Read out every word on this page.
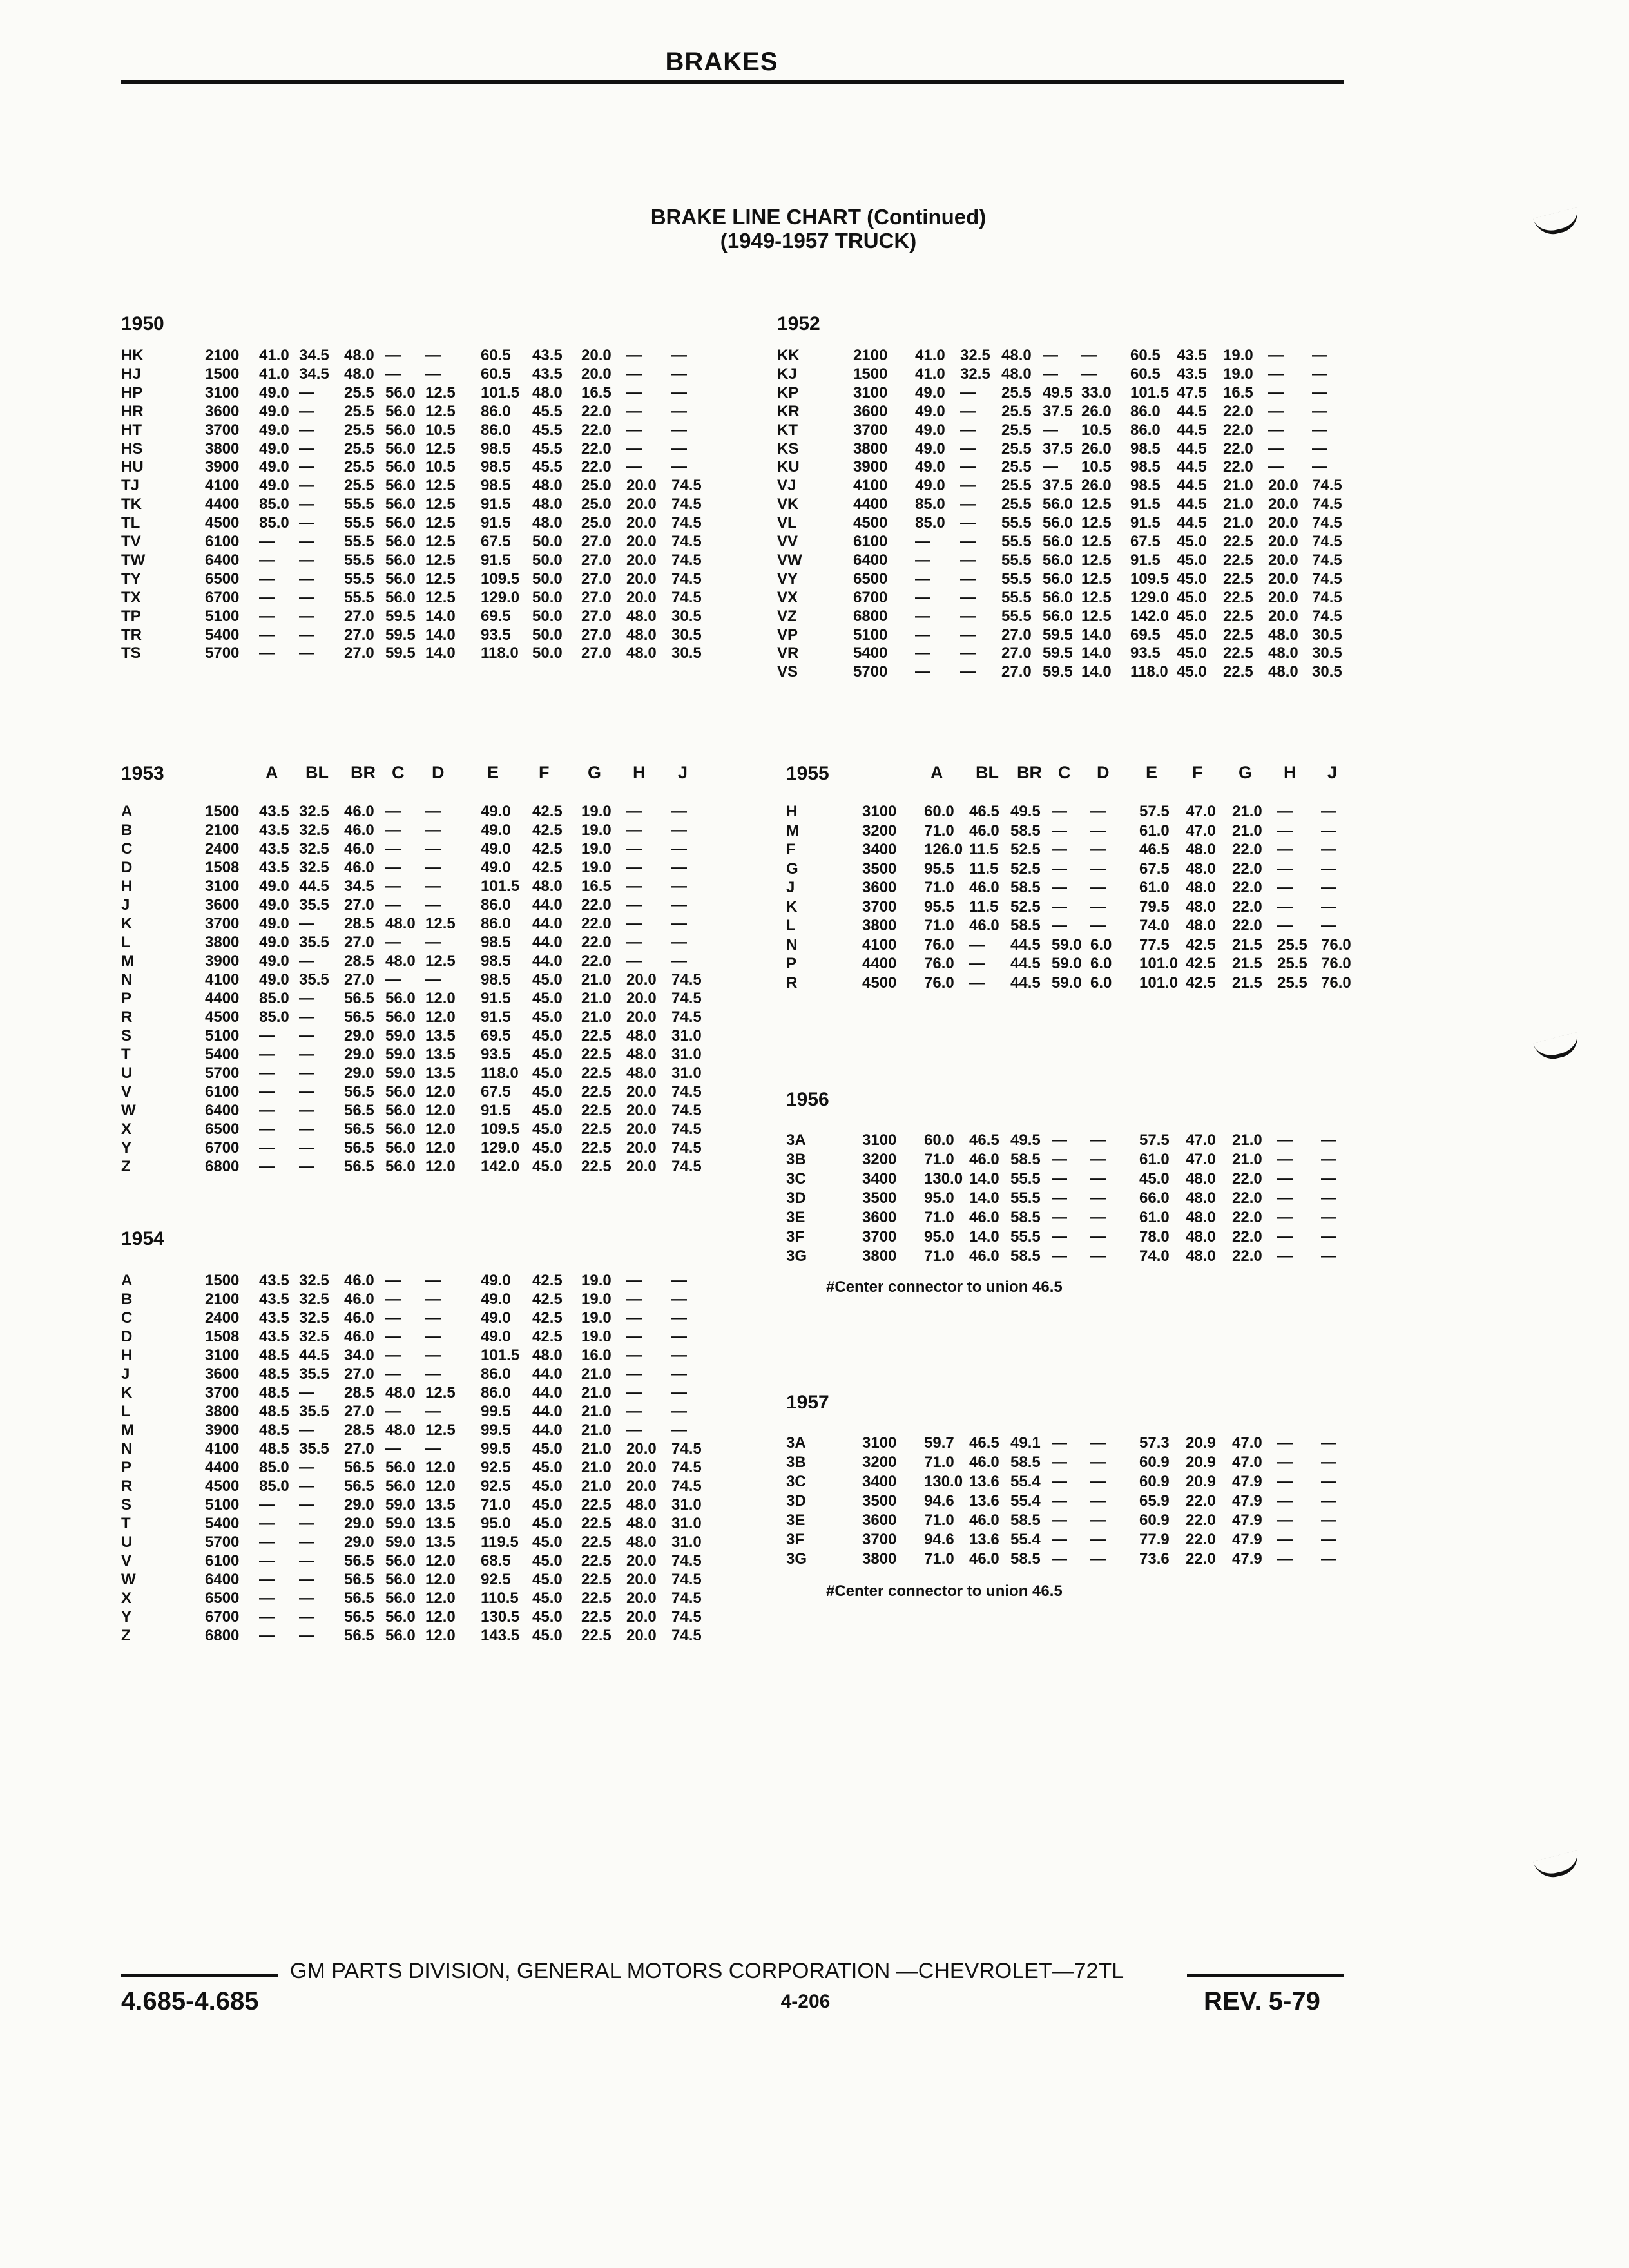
BRAKES
BRAKE LINE CHART (Continued)
(1949-1957 TRUCK)
1950
HK	2100 41.0 34.5 48.0 — —	60.5 43.5 20.0 — —
HJ	1500 41.0 34.5 48.0 — —	60.5 43.5 20.0 — —
HP	3100 49.0 — 25.5 56.0 12.5 101.5 48.0 16.5 — —
HR	3600 49.0 — 25.5 56.0 12.5 86.0 45.5 22.0 — —
HT	3700 49.0 — 25.5 56.0 10.5 86.0 45.5 22.0 — —
HS	3800 49.0 — 25.5 56.0 12.5 98.5 45.5 22.0 — —
HU	3900 49.0 — 25.5 56.0 10.5 98.5 45.5 22.0 — —
TJ	4100 49.0 — 25.5 56.0 12.5 98.5 48.0 25.0 20.0 74.5
TK	4400 85.0 — 55.5 56.0 12.5 91.5 48.0 25.0 20.0 74.5
TL	4500 85.0 — 55.5 56.0 12.5 91.5 48.0 25.0 20.0 74.5
TV	6100 — — 55.5 56.0 12.5 67.5 50.0 27.0 20.0 74.5
TW	6400 — — 55.5 56.0 12.5 91.5 50.0 27.0 20.0 74.5
TY	6500 — — 55.5 56.0 12.5 109.5 50.0 27.0 20.0 74.5
TX	6700 — — 55.5 56.0 12.5 129.0 50.0 27.0 20.0 74.5
TP	5100 — — 27.0 59.5 14.0 69.5 50.0 27.0 48.0 30.5
TR	5400 — — 27.0 59.5 14.0 93.5 50.0 27.0 48.0 30.5
TS	5700 — — 27.0 59.5 14.0 118.0 50.0 27.0 48.0 30.5
1952
KK	2100 41.0 32.5 48.0 — — 60.5 43.5 19.0 — —
KJ	1500 41.0 32.5 48.0 — — 60.5 43.5 19.0 — —
KP	3100 49.0 — 25.5 49.5 33.0 101.5 47.5 16.5 — —
KR	3600 49.0 — 25.5 37.5 26.0 86.0 44.5 22.0 — —
KT	3700 49.0 — 25.5 — 10.5 86.0 44.5 22.0 — —
KS	3800 49.0 — 25.5 37.5 26.0 98.5 44.5 22.0 — —
KU	3900 49.0 — 25.5 — 10.5 98.5 44.5 22.0 — —
VJ	4100 49.0 — 25.5 37.5 26.0 98.5 44.5 21.0 20.0 74.5
VK	4400 85.0 — 25.5 56.0 12.5 91.5 44.5 21.0 20.0 74.5
VL	4500 85.0 — 55.5 56.0 12.5 91.5 44.5 21.0 20.0 74.5
VV	6100 — — 55.5 56.0 12.5 67.5 45.0 22.5 20.0 74.5
VW	6400 — — 55.5 56.0 12.5 91.5 45.0 22.5 20.0 74.5
VY	6500 — — 55.5 56.0 12.5 109.5 45.0 22.5 20.0 74.5
VX	6700 — — 55.5 56.0 12.5 129.0 45.0 22.5 20.0 74.5
VZ	6800 — — 55.5 56.0 12.5 142.0 45.0 22.5 20.0 74.5
VP	5100 — — 27.0 59.5 14.0 69.5 45.0 22.5 48.0 30.5
VR	5400 — — 27.0 59.5 14.0 93.5 45.0 22.5 48.0 30.5
VS	5700 — — 27.0 59.5 14.0 118.0 45.0 22.5 48.0 30.5
1953	A BL BR C D E F G H J
A	1500 43.5 32.5 46.0 — —	49.0 42.5 19.0 — —
B	2100 43.5 32.5 46.0 — —	49.0 42.5 19.0 — —
C	2400 43.5 32.5 46.0 — —	49.0 42.5 19.0 — —
D	1508 43.5 32.5 46.0 — —	49.0 42.5 19.0 — —
H	3100 49.0 44.5 34.5 — —	101.5 48.0 16.5 — —
J	3600 49.0 35.5 27.0 — —	86.0 44.0 22.0 — —
K	3700 49.0 — 28.5 48.0 12.5 86.0 44.0 22.0 — —
L	3800 49.0 35.5 27.0 — —	98.5 44.0 22.0 — —
M	3900 49.0 — 28.5 48.0 12.5 98.5 44.0 22.0 — —
N	4100 49.0 35.5 27.0 — —	98.5 45.0 21.0 20.0 74.5
P	4400 85.0 — 56.5 56.0 12.0 91.5 45.0 21.0 20.0 74.5
R	4500 85.0 — 56.5 56.0 12.0 91.5 45.0 21.0 20.0 74.5
S	5100 — — 29.0 59.0 13.5 69.5 45.0 22.5 48.0 31.0
T	5400 — — 29.0 59.0 13.5 93.5 45.0 22.5 48.0 31.0
U	5700 — — 29.0 59.0 13.5 118.0 45.0 22.5 48.0 31.0
V	6100 — — 56.5 56.0 12.0 67.5 45.0 22.5 20.0 74.5
W	6400 — — 56.5 56.0 12.0 91.5 45.0 22.5 20.0 74.5
X	6500 — — 56.5 56.0 12.0 109.5 45.0 22.5 20.0 74.5
Y	6700 — — 56.5 56.0 12.0 129.0 45.0 22.5 20.0 74.5
Z	6800 — — 56.5 56.0 12.0 142.0 45.0 22.5 20.0 74.5
1954
A	1500 43.5 32.5 46.0 — —	49.0 42.5 19.0 — —
B	2100 43.5 32.5 46.0 — —	49.0 42.5 19.0 — —
C	2400 43.5 32.5 46.0 — —	49.0 42.5 19.0 — —
D	1508 43.5 32.5 46.0 — —	49.0 42.5 19.0 — —
H	3100 48.5 44.5 34.0 — —	101.5 48.0 16.0 — —
J	3600 48.5 35.5 27.0 — —	86.0 44.0 21.0 — —
K	3700 48.5 — 28.5 48.0 12.5 86.0 44.0 21.0 — —
L	3800 48.5 35.5 27.0 — —	99.5 44.0 21.0 — —
M	3900 48.5 — 28.5 48.0 12.5 99.5 44.0 21.0 — —
N	4100 48.5 35.5 27.0 — —	99.5 45.0 21.0 20.0 74.5
P	4400 85.0 — 56.5 56.0 12.0 92.5 45.0 21.0 20.0 74.5
R	4500 85.0 — 56.5 56.0 12.0 92.5 45.0 21.0 20.0 74.5
S	5100 — — 29.0 59.0 13.5 71.0 45.0 22.5 48.0 31.0
T	5400 — — 29.0 59.0 13.5 95.0 45.0 22.5 48.0 31.0
U	5700 — — 29.0 59.0 13.5 119.5 45.0 22.5 48.0 31.0
V	6100 — — 56.5 56.0 12.0 68.5 45.0 22.5 20.0 74.5
W	6400 — — 56.5 56.0 12.0 92.5 45.0 22.5 20.0 74.5
X	6500 — — 56.5 56.0 12.0 110.5 45.0 22.5 20.0 74.5
Y	6700 — — 56.5 56.0 12.0 130.5 45.0 22.5 20.0 74.5
Z	6800 — — 56.5 56.0 12.0 143.5 45.0 22.5 20.0 74.5
1955	A BL BR C D E F G H J
H	3100 60.0 46.5 49.5 — — 57.5 47.0 21.0 — —
M	3200 71.0 46.0 58.5 — — 61.0 47.0 21.0 — —
F	3400 126.0 11.5 52.5 — — 46.5 48.0 22.0 — —
G	3500 95.5 11.5 52.5 — — 67.5 48.0 22.0 — —
J	3600 71.0 46.0 58.5 — — 61.0 48.0 22.0 — —
K	3700 95.5 11.5 52.5 — — 79.5 48.0 22.0 — —
L	3800 71.0 46.0 58.5 — — 74.0 48.0 22.0 — —
N	4100 76.0 — 44.5 59.0 6.0 77.5 42.5 21.5 25.5 76.0
P	4400 76.0 — 44.5 59.0 6.0 101.0 42.5 21.5 25.5 76.0
R	4500 76.0 — 44.5 59.0 6.0 101.0 42.5 21.5 25.5 76.0
1956
3A	3100 60.0 46.5 49.5 — — 57.5 47.0 21.0 — —
3B	3200 71.0 46.0 58.5 — — 61.0 47.0 21.0 — —
3C	3400 130.0 14.0 55.5 — — 45.0 48.0 22.0 — —
3D	3500 95.0 14.0 55.5 — — 66.0 48.0 22.0 — —
3E	3600 71.0 46.0 58.5 — — 61.0 48.0 22.0 — —
3F	3700 95.0 14.0 55.5 — — 78.0 48.0 22.0 — —
3G	3800 71.0 46.0 58.5 — — 74.0 48.0 22.0 — —
1957
3A	3100 59.7 46.5 49.1 — — 57.3 20.9 47.0 — —
3B	3200 71.0 46.0 58.5 — — 60.9 20.9 47.0 — —
3C	3400 130.0 13.6 55.4 — — 60.9 20.9 47.9 — —
3D	3500 94.6 13.6 55.4 — — 65.9 22.0 47.9 — —
3E	3600 71.0 46.0 58.5 — — 60.9 22.0 47.9 — —
3F	3700 94.6 13.6 55.4 — — 77.9 22.0 47.9 — —
3G	3800 71.0 46.0 58.5 — — 73.6 22.0 47.9 — —
#Center connector to union 46.5
#Center connector to union 46.5
GM PARTS DIVISION, GENERAL MOTORS CORPORATION —CHEVROLET—72TL
4.685-4.685	4-206	REV. 5-79
